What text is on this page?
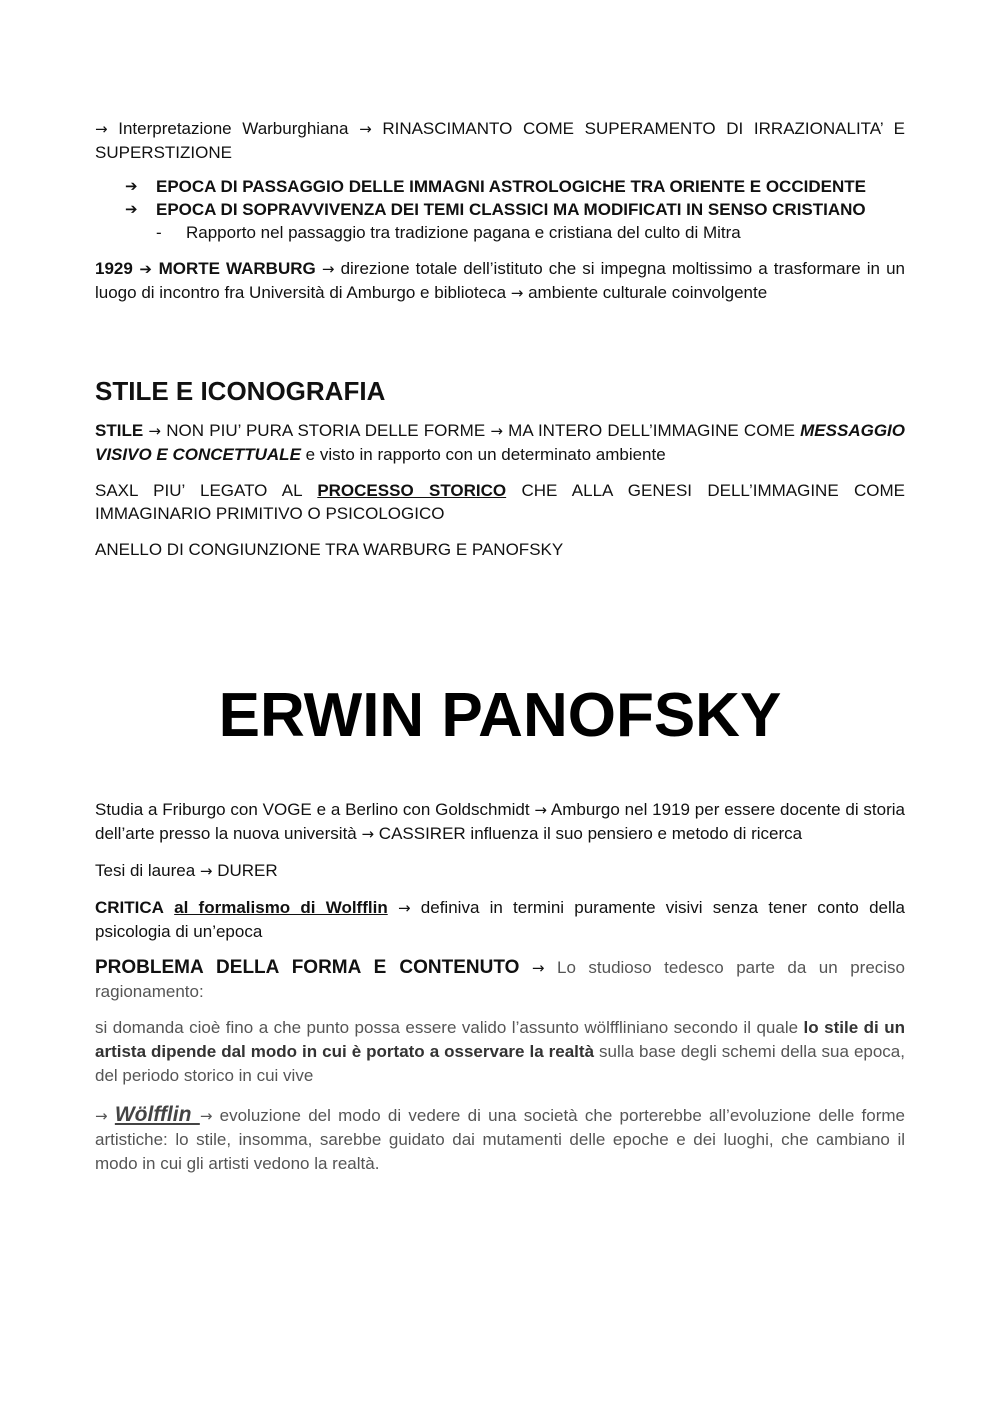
→ Interpretazione Warburghiana → RINASCIMANTO COME SUPERAMENTO DI IRRAZIONALITA’ E SUPERSTIZIONE

➔ EPOCA DI PASSAGGIO DELLE IMMAGNI ASTROLOGICHE TRA ORIENTE E OCCIDENTE
➔ EPOCA DI SOPRAVVIVENZA DEI TEMI CLASSICI MA MODIFICATI IN SENSO CRISTIANO

- Rapporto nel passaggio tra tradizione pagana e cristiana del culto di Mitra

1929 ➔ MORTE WARBURG → direzione totale dell’istituto che si impegna moltissimo a trasformare in un luogo di incontro fra Università di Amburgo e biblioteca → ambiente culturale coinvolgente

STILE E ICONOGRAFIA

STILE → NON PIU’ PURA STORIA DELLE FORME → MA INTERO DELL’IMMAGINE COME MESSAGGIO VISIVO E CONCETTUALE e visto in rapporto con un determinato ambiente

SAXL PIU’ LEGATO AL PROCESSO STORICO CHE ALLA GENESI DELL’IMMAGINE COME IMMAGINARIO PRIMITIVO O PSICOLOGICO

ANELLO DI CONGIUNZIONE TRA WARBURG E PANOFSKY

ERWIN PANOFSKY

Studia a Friburgo con VOGE e a Berlino con Goldschmidt → Amburgo nel 1919 per essere docente di storia dell’arte presso la nuova università → CASSIRER influenza il suo pensiero e metodo di ricerca

Tesi di laurea → DURER

CRITICA al formalismo di Wolfflin → definiva in termini puramente visivi senza tener conto della psicologia di un’epoca

PROBLEMA DELLA FORMA E CONTENUTO → Lo studioso tedesco parte da un preciso ragionamento:

si domanda cioè fino a che punto possa essere valido l’assunto wölffliniano secondo il quale lo stile di un artista dipende dal modo in cui è portato a osservare la realtà sulla base degli schemi della sua epoca, del periodo storico in cui vive

→ Wölfflin → evoluzione del modo di vedere di una società che porterebbe all’evoluzione delle forme artistiche: lo stile, insomma, sarebbe guidato dai mutamenti delle epoche e dei luoghi, che cambiano il modo in cui gli artisti vedono la realtà.
